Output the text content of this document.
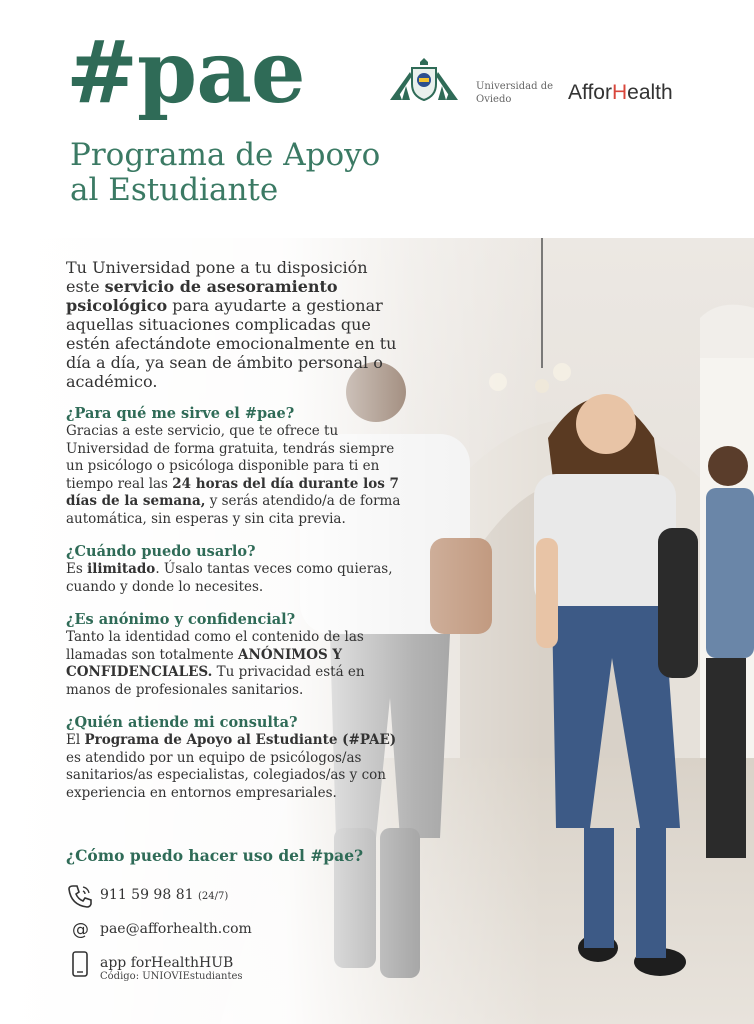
#pae
Programa de Apoyo
al Estudiante
Universidad de
Oviedo	AfforHealth

Tu Universidad pone a tu disposición este servicio de asesoramiento psicológico para ayudarte a gestionar aquellas situaciones complicadas que estén afectándote emocionalmente en tu día a día, ya sean de ámbito personal o académico.

¿Para qué me sirve el #pae?

Gracias a este servicio, que te ofrece tu Universidad de forma gratuita, tendrás siempre un psicólogo o psicóloga disponible para ti en tiempo real las 24 horas del día durante los 7 días de la semana, y serás atendido/a de forma automática, sin esperas y sin cita previa.

¿Cuándo puedo usarlo?

Es ilimitado. Úsalo tantas veces como quieras, cuando y donde lo necesites.

¿Es anónimo y confidencial?

Tanto la identidad como el contenido de las llamadas son totalmente ANÓNIMOS Y CONFIDENCIALES. Tu privacidad está en manos de profesionales sanitarios.

¿Quién atiende mi consulta?

El Programa de Apoyo al Estudiante (#PAE) es atendido por un equipo de psicólogos/as sanitarios/as especialistas, colegiados/as y con experiencia en entornos empresariales.

¿Cómo puedo hacer uso del #pae?

911 59 98 81 (24/7)
@ pae@afforhealth.com
app forHealthHUB
Código: UNIOVIEstudiantes
